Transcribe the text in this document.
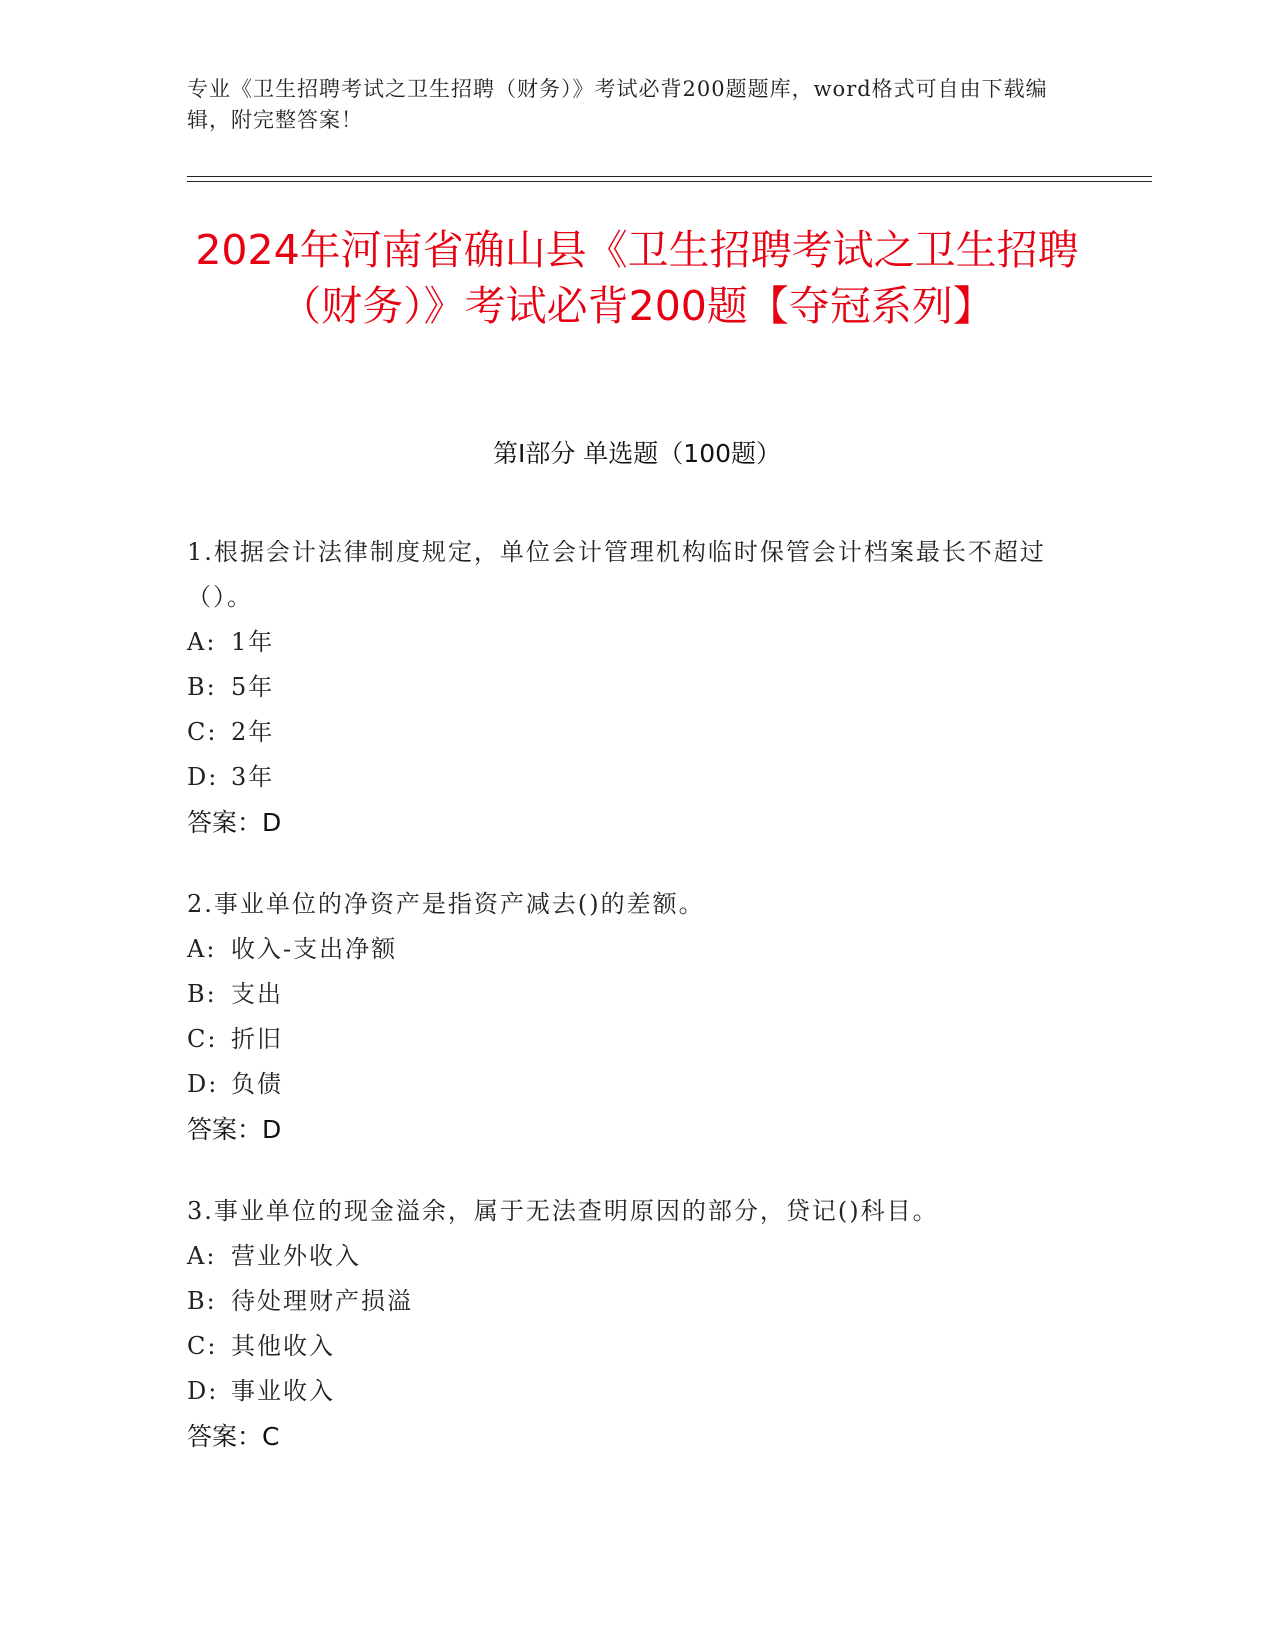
专业《卫生招聘考试之卫生招聘（财务）》考试必背200题题库，word格式可自由下载编辑，附完整答案！
2024年河南省确山县《卫生招聘考试之卫生招聘（财务）》考试必背200题【夺冠系列】
第Ⅰ部分 单选题（100题）
1.根据会计法律制度规定，单位会计管理机构临时保管会计档案最长不超过（）。
A: 1年
B: 5年
C: 2年
D: 3年
答案：D
2.事业单位的净资产是指资产减去()的差额。
A: 收入-支出净额
B: 支出
C: 折旧
D: 负债
答案：D
3.事业单位的现金溢余，属于无法查明原因的部分，贷记()科目。
A: 营业外收入
B: 待处理财产损溢
C: 其他收入
D: 事业收入
答案：C
